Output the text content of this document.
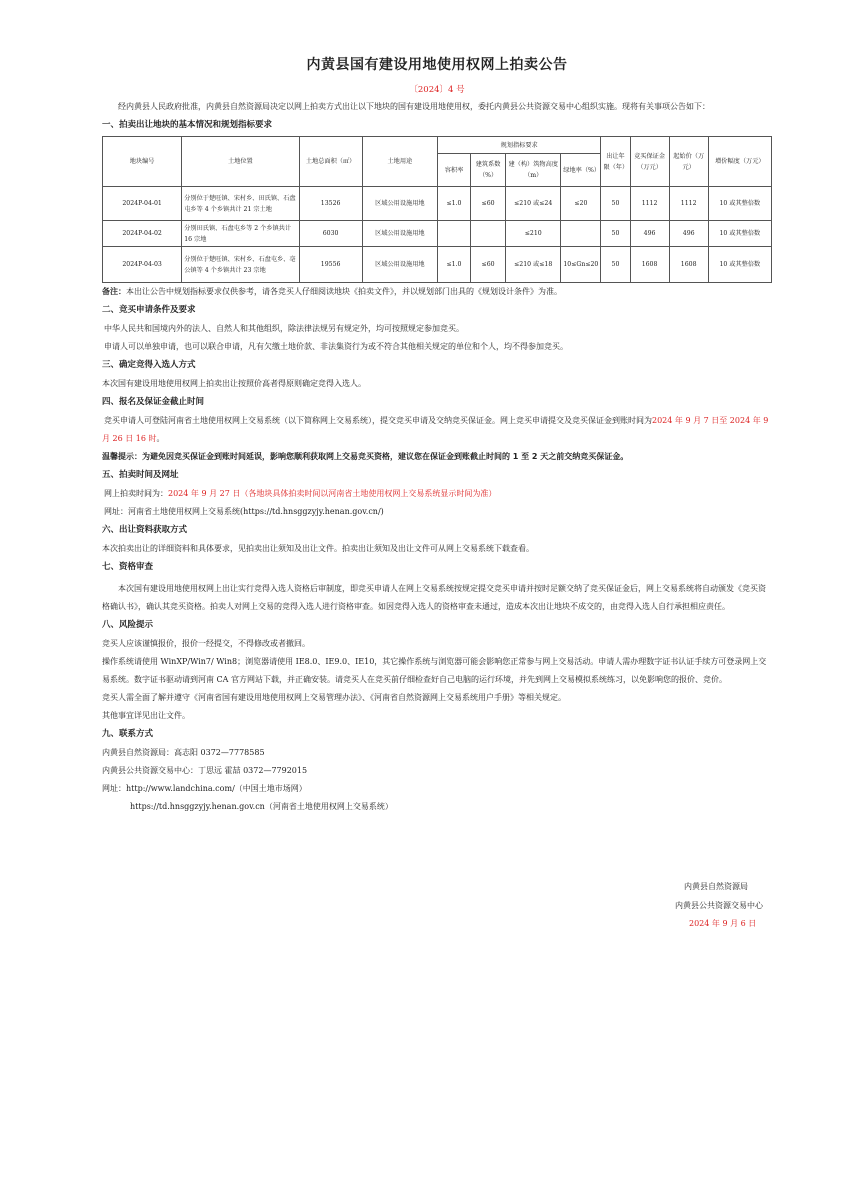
内黄县国有建设用地使用权网上拍卖公告
〔2024〕4 号

经内黄县人民政府批准，内黄县自然资源局决定以网上拍卖方式出让以下地块的国有建设用地使用权，委托内黄县公共资源交易中心组织实施。现将有关事项公告如下：

一、拍卖出让地块的基本情况和规划指标要求
地块编号	土地位置	土地总面积（㎡）	土地用途	规划指标要求				出让年限（年）	竞买保证金（万元）	起始价（万元）	增价幅度（万元）
				容积率	建筑系数（%）	建（构）筑物高度（m）	绿地率（%）				
2024P-04-01	分别位于楚旺镇、宋村乡、田氏镇、石盘屯乡等 4 个乡镇共计 21 宗土地	13526	区域公用设施用地	≤1.0	≤60	≤210 或≤24	≤20	50	1112	1112	10 或其整倍数
2024P-04-02	分别田氏镇、石盘屯乡等 2 个乡镇共计 16 宗地	6030	区域公用设施用地			≤210		50	496	496	10 或其整倍数
2024P-04-03	分别位于楚旺镇、宋村乡、石盘屯乡、亳公镇等 4 个乡镇共计 23 宗地	19556	区域公用设施用地	≤1.0	≤60	≤210 或≤18	10≤Gn≤20	50	1608	1608	10 或其整倍数

备注：本出让公告中规划指标要求仅供参考，请各竞买人仔细阅读地块《拍卖文件》，并以规划部门出具的《规划设计条件》为准。

二、竞买申请条件及要求

中华人民共和国境内外的法人、自然人和其他组织，除法律法规另有规定外，均可按照规定参加竞买。

申请人可以单独申请，也可以联合申请，凡有欠缴土地价款、非法集资行为或不符合其他相关规定的单位和个人，均不得参加竞买。

三、确定竞得入选人方式

本次国有建设用地使用权网上拍卖出让按照价高者得原则确定竞得入选人。

四、报名及保证金截止时间

竞买申请人可登陆河南省土地使用权网上交易系统（以下简称网上交易系统），提交竞买申请及交纳竞买保证金。网上竞买申请提交及竞买保证金到账时间为2024 年 9 月 7 日至 2024 年 9 月 26 日 16 时。

温馨提示：为避免因竞买保证金到账时间延误，影响您顺利获取网上交易竞买资格，建议您在保证金到账截止时间的 1 至 2 天之前交纳竞买保证金。

五、拍卖时间及网址

网上拍卖时间为：2024 年 9 月 27 日（各地块具体拍卖时间以河南省土地使用权网上交易系统显示时间为准）

网址：河南省土地使用权网上交易系统(https://td.hnsggzyjy.henan.gov.cn/)

六、出让资料获取方式

本次拍卖出让的详细资料和具体要求，见拍卖出让须知及出让文件。拍卖出让须知及出让文件可从网上交易系统下载查看。

七、资格审查

本次国有建设用地使用权网上出让实行竞得入选人资格后审制度，即竞买申请人在网上交易系统按规定提交竞买申请并按时足额交纳了竞买保证金后，网上交易系统将自动颁发《竞买资格确认书》，确认其竞买资格。拍卖人对网上交易的竞得入选人进行资格审查。如因竞得入选人的资格审查未通过，造成本次出让地块不成交的，由竞得入选人自行承担相应责任。

八、风险提示

竞买人应该谨慎报价，报价一经提交，不得修改或者撤回。

操作系统请使用 WinXP/Win7/ Win8；浏览器请使用 IE8.0、IE9.0、IE10，其它操作系统与浏览器可能会影响您正常参与网上交易活动。申请人需办理数字证书认证手续方可登录网上交易系统。数字证书驱动请到河南 CA 官方网站下载，并正确安装。请竞买人在竞买前仔细检查好自己电脑的运行环境，并先到网上交易模拟系统练习，以免影响您的报价、竞价。

竞买人需全面了解并遵守《河南省国有建设用地使用权网上交易管理办法》、《河南省自然资源网上交易系统用户手册》等相关规定。

其他事宜详见出让文件。

九、联系方式

内黄县自然资源局：高志阳 0372—7778585

内黄县公共资源交易中心：丁思远 霍喆 0372—7792015

网址：http://www.landchina.com/（中国土地市场网）

https://td.hnsggzyjy.henan.gov.cn（河南省土地使用权网上交易系统）

内黄县自然资源局
内黄县公共资源交易中心
2024 年 9 月 6 日
